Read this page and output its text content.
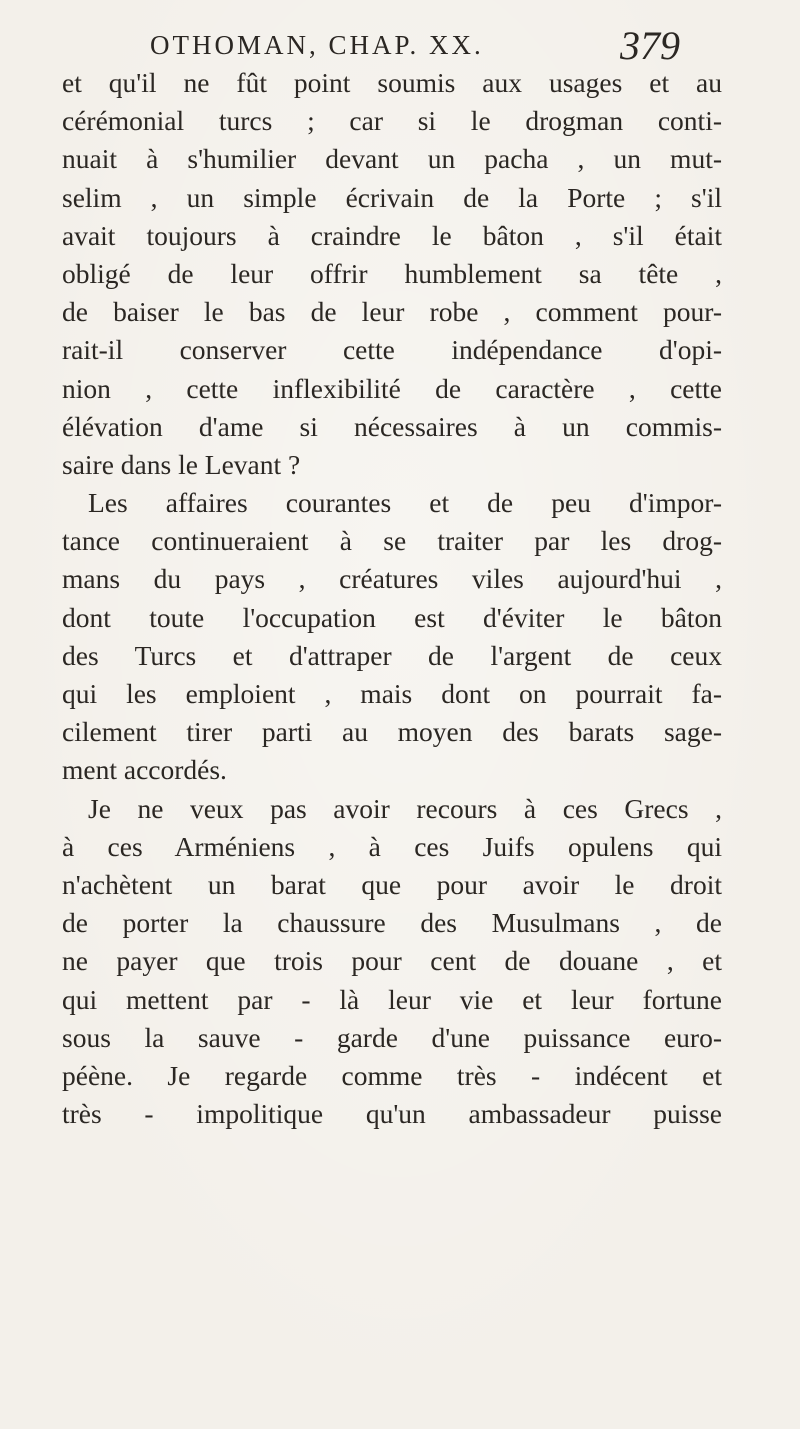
OTHOMAN, CHAP. XX.	379
et qu'il ne fût point soumis aux usages et au
cérémonial turcs ; car si le drogman conti-
nuait à s'humilier devant un pacha , un mut-
selim , un simple écrivain de la Porte ; s'il
avait toujours à craindre le bâton , s'il était
obligé de leur offrir humblement sa tête ,
de baiser le bas de leur robe , comment pour-
rait-il conserver cette indépendance d'opi-
nion , cette inflexibilité de caractère , cette
élévation d'ame si nécessaires à un commis-
saire dans le Levant ?
Les affaires courantes et de peu d'impor-
tance continueraient à se traiter par les drog-
mans du pays , créatures viles aujourd'hui ,
dont toute l'occupation est d'éviter le bâton
des Turcs et d'attraper de l'argent de ceux
qui les emploient , mais dont on pourrait fa-
cilement tirer parti au moyen des barats sage-
ment accordés.
Je ne veux pas avoir recours à ces Grecs ,
à ces Arméniens , à ces Juifs opulens qui
n'achètent un barat que pour avoir le droit
de porter la chaussure des Musulmans , de
ne payer que trois pour cent de douane , et
qui mettent par - là leur vie et leur fortune
sous la sauve - garde d'une puissance euro-
péène. Je regarde comme très - indécent et
très - impolitique qu'un ambassadeur puisse
